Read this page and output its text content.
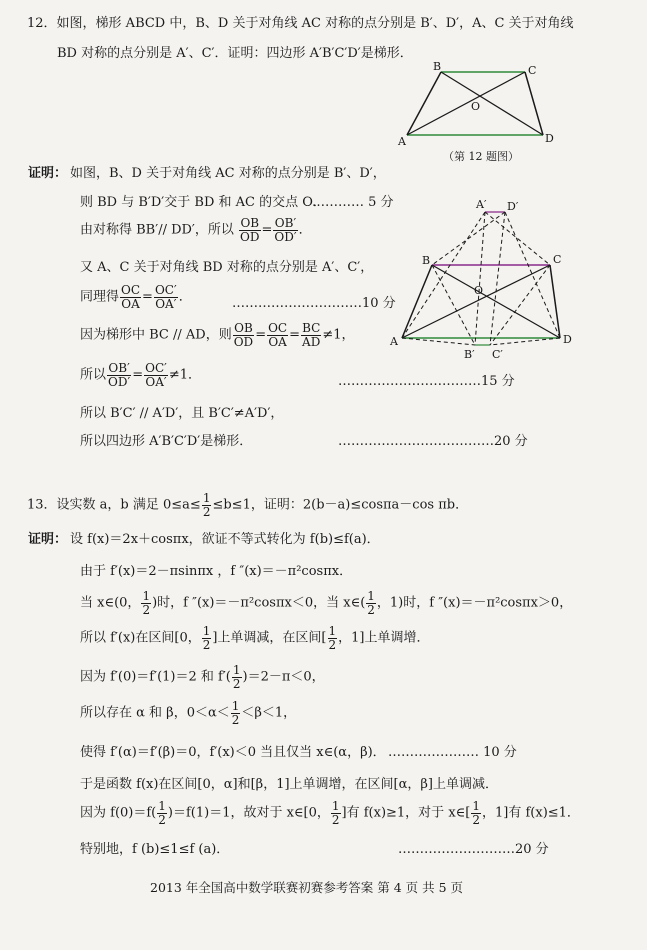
12．如图，梯形 ABCD 中，B、D 关于对角线 AC 对称的点分别是 B′、D′，A、C 关于对角线
BD 对称的点分别是 A′、C′．证明：四边形 A′B′C′D′是梯形．
B	C
A	D
O
（第 12 题图）
证明： 如图，B、D 关于对角线 AC 对称的点分别是 B′、D′，
则 BD 与 B′D′交于 BD 和 AC 的交点 O．
………… 5 分
由对称得 BB′// DD′，所以 $\frac{OB}{OD} = \frac{OB'}{OD'}$ ．
又 A、C 关于对角线 BD 对称的点分别是 A′、C′，
同理得 $\frac{OC}{OA} = \frac{OC'}{OA'}$ ．	…………………………10 分
因为梯形中 BC // AD，则 $\frac{OB}{OD} = \frac{OC}{OA} = \frac{BC}{AD} \ne 1$，
所以 $\frac{OB'}{OD'} = \frac{OC'}{OA'} \ne 1$．	……………………………15 分
所以 B′C′ // A′D′，且 B′C′≠A′D′，
所以四边形 A′B′C′D′是梯形．	………………………………20 分
A′ D′
B	C
A	D
O
B′ C′
13．设实数 a，b 满足 $0\le a\le \frac{1}{2} \le b\le 1$，证明：2(b－a)≤cosπa－cos πb．
证明： 设 f(x)＝2x＋cosπx，欲证不等式转化为 f(b)≤f(a)．
由于 f′(x)＝2－πsinπx ，f ″(x)＝－π²cosπx．
当 x∈(0， $\frac{1}{2}$ )时，f ″(x)＝－π²cosπx＜0，当 x∈( $\frac{1}{2}$ ，1)时，f ″(x)＝－π²cosπx＞0，
所以 f′(x)在区间[0， $\frac{1}{2}$ ]上单调减，在区间[ $\frac{1}{2}$ ，1]上单调增．
因为 f′(0)＝f′(1)＝2 和 $f'( \frac{1}{2} )=2-\pi<0$，
所以存在 α 和 β，$0<\alpha< \frac{1}{2} <\beta<1$，
使得 f′(α)＝f′(β)＝0，f′(x)＜0 当且仅当 x∈(α，β)． ………………… 10 分
于是函数 f(x)在区间[0，α]和[β，1]上单调增，在区间[α，β]上单调减．
因为 $f(0)=f( \frac{1}{2} )=f(1)=1$，故对于 x∈[0， $\frac{1}{2}$ ]有 f(x)≥1，对于 x∈[ $\frac{1}{2}$ ，1]有 f(x)≤1．
特别地，f (b)≤1≤f (a)．	………………………20 分
2013 年全国高中数学联赛初赛参考答案 第 4 页 共 5 页
